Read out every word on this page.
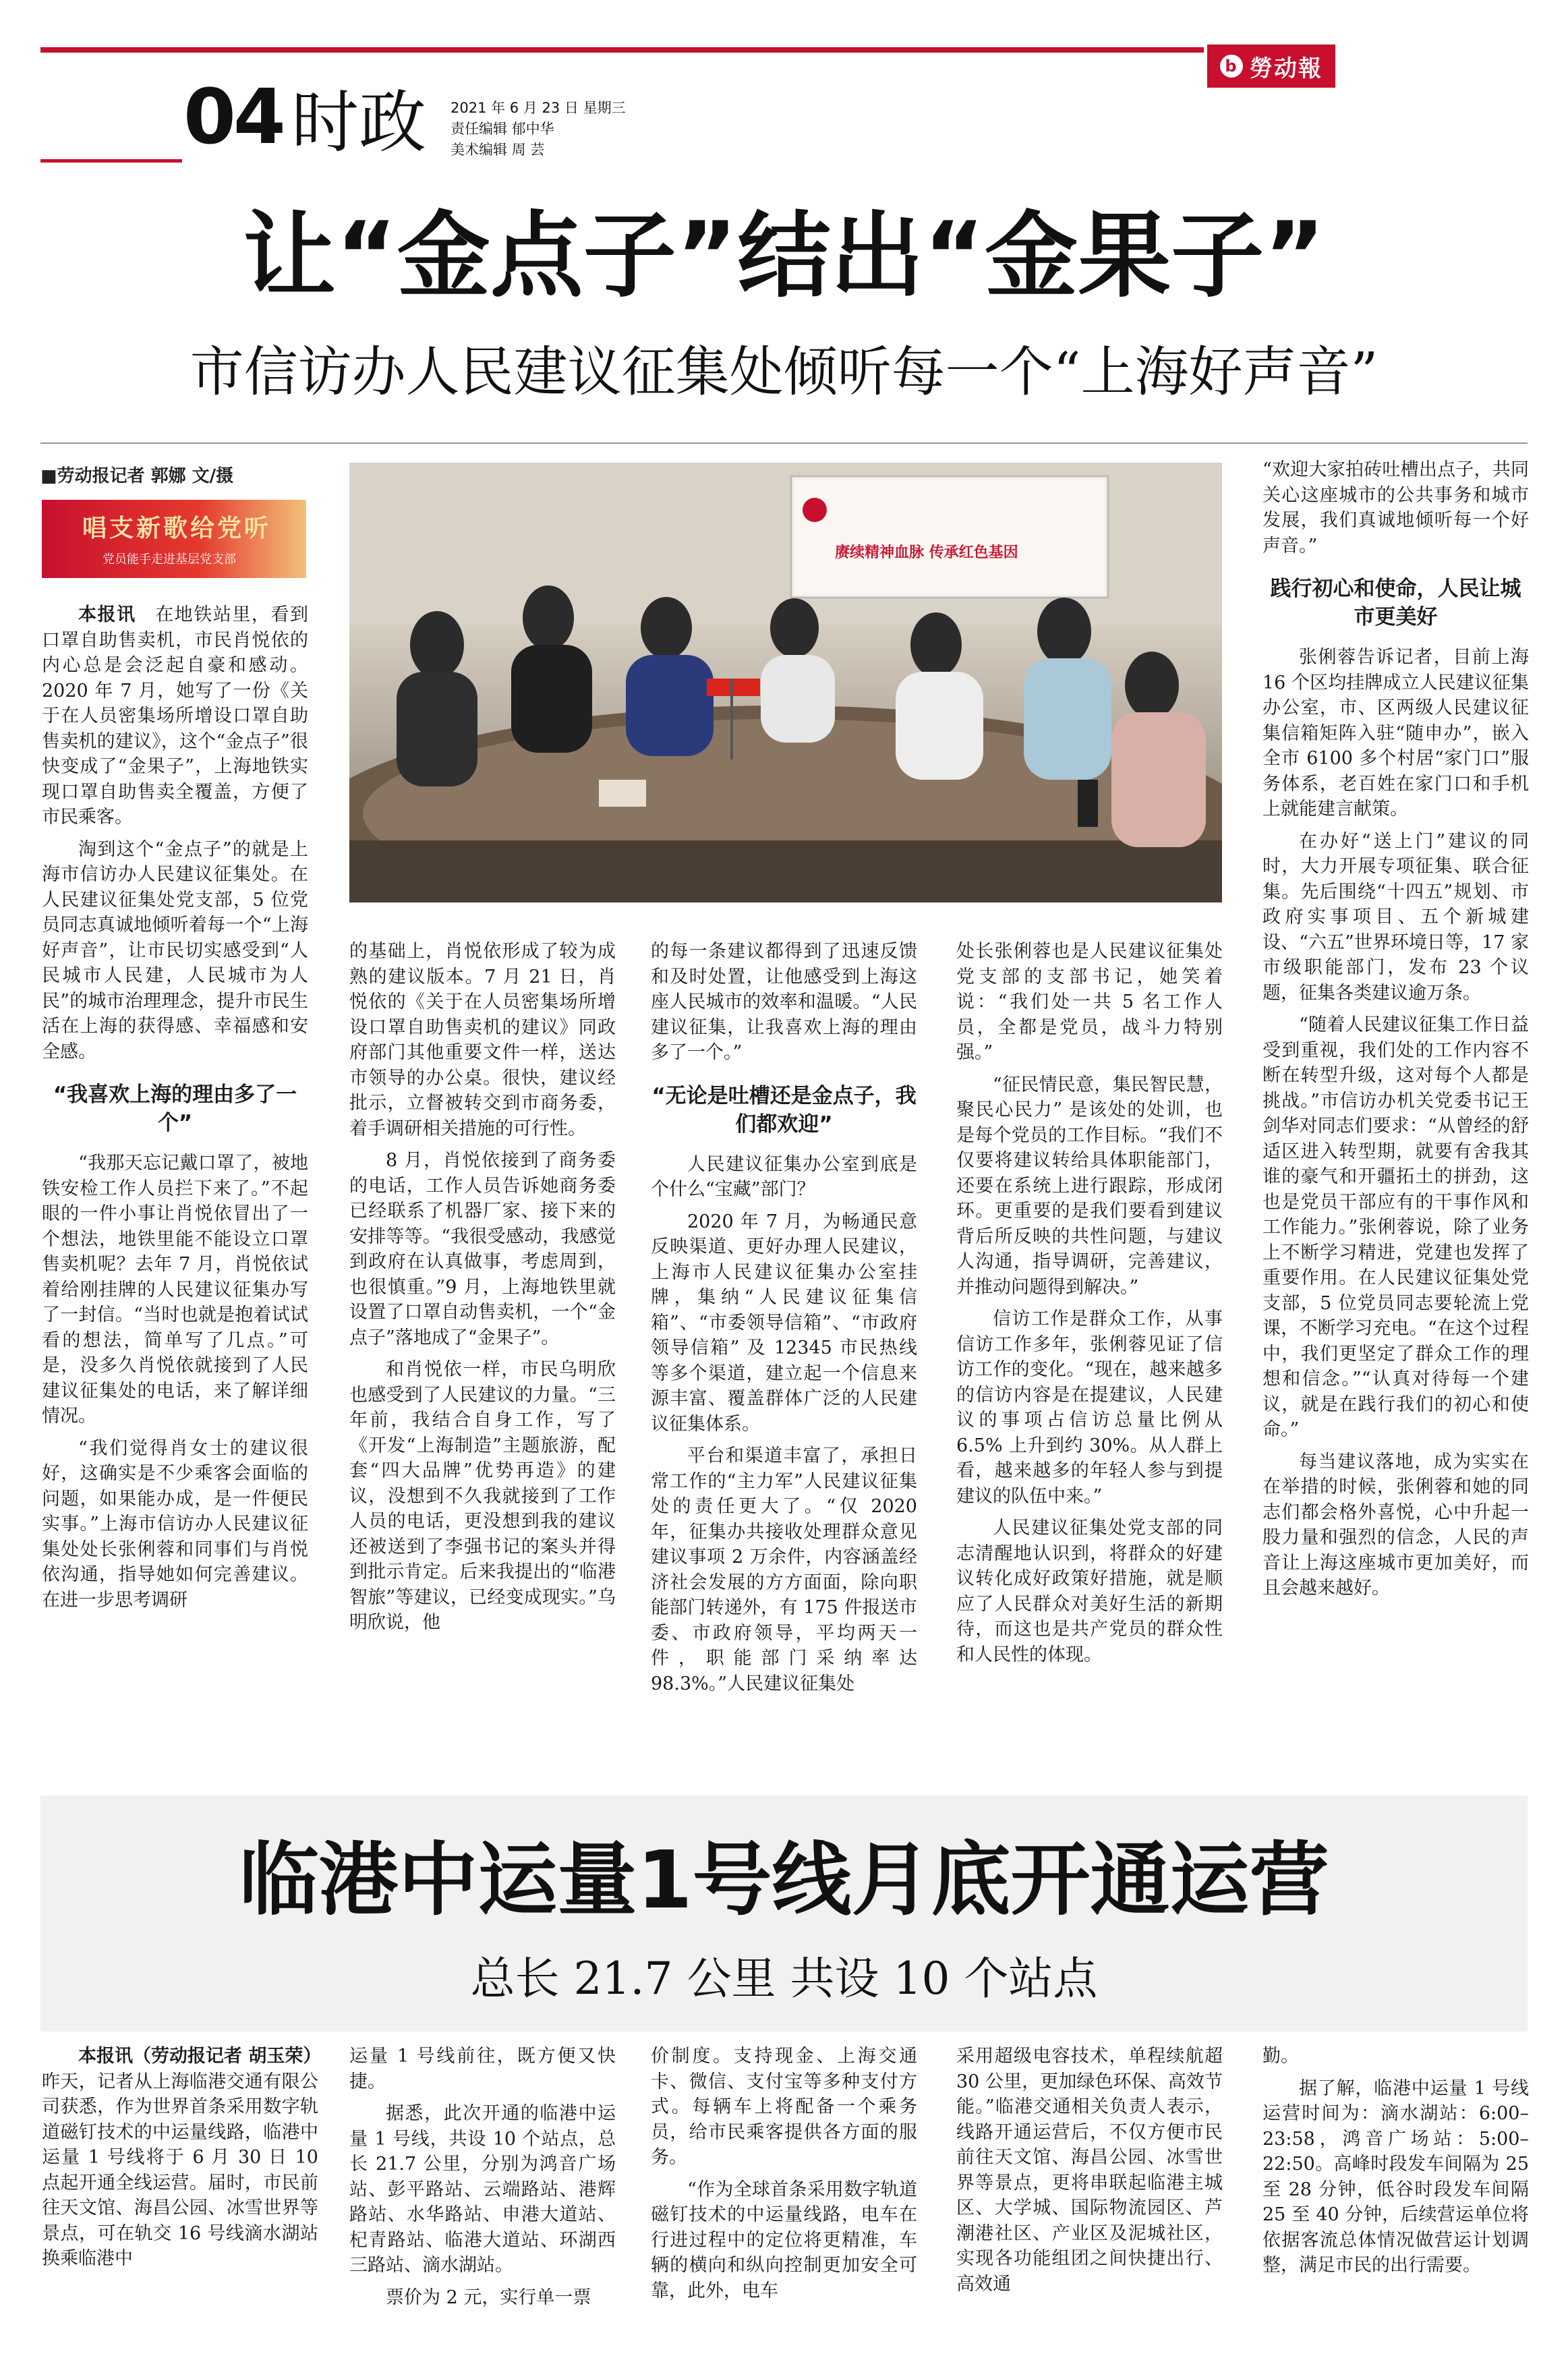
b 勞动報
04 时政 2021 年 6 月 23 日 星期三
责任编辑 郁中华
美术编辑 周 芸
让“金点子”结出“金果子”
市信访办人民建议征集处倾听每一个“上海好声音”
■劳动报记者 郭娜 文/摄
唱支新歌给党听
党员能手走进基层党支部	赓续精神血脉 传承红色基因

本报讯　 在地铁站里，看到口罩自助售卖机，市民肖悦依的内心总是会泛起自豪和感动。2020 年 7 月，她写了一份《关于在人员密集场所增设口罩自助售卖机的建议》，这个“金点子”很快变成了“金果子”，上海地铁实现口罩自助售卖全覆盖，方便了市民乘客。

淘到这个“金点子”的就是上海市信访办人民建议征集处。在人民建议征集处党支部，5 位党员同志真诚地倾听着每一个“上海好声音”，让市民切实感受到“人民城市人民建，人民城市为人民”的城市治理理念，提升市民生活在上海的获得感、幸福感和安全感。

“我喜欢上海的理由多了一个”

“我那天忘记戴口罩了，被地铁安检工作人员拦下来了。”不起眼的一件小事让肖悦依冒出了一个想法，地铁里能不能设立口罩售卖机呢？去年 7 月，肖悦依试着给刚挂牌的人民建议征集办写了一封信。“当时也就是抱着试试看的想法，简单写了几点。”可是，没多久肖悦依就接到了人民建议征集处的电话，来了解详细情况。

“我们觉得肖女士的建议很好，这确实是不少乘客会面临的问题，如果能办成，是一件便民实事。”上海市信访办人民建议征集处处长张俐蓉和同事们与肖悦依沟通，指导她如何完善建议。在进一步思考调研

的基础上，肖悦依形成了较为成熟的建议版本。7 月 21 日，肖悦依的《关于在人员密集场所增设口罩自助售卖机的建议》同政府部门其他重要文件一样，送达市领导的办公桌。很快，建议经批示，立督被转交到市商务委，着手调研相关措施的可行性。

8 月，肖悦依接到了商务委的电话，工作人员告诉她商务委已经联系了机器厂家、接下来的安排等等。“我很受感动，我感觉到政府在认真做事，考虑周到，也很慎重。”9 月，上海地铁里就设置了口罩自动售卖机，一个“金点子”落地成了“金果子”。

和肖悦依一样，市民乌明欣也感受到了人民建议的力量。“三年前，我结合自身工作，写了《开发“上海制造”主题旅游，配套“四大品牌”优势再造》的建议，没想到不久我就接到了工作人员的电话，更没想到我的建议还被送到了李强书记的案头并得到批示肯定。后来我提出的“临港智旅”等建议，已经变成现实。”乌明欣说，他

的每一条建议都得到了迅速反馈和及时处置，让他感受到上海这座人民城市的效率和温暖。“人民建议征集，让我喜欢上海的理由多了一个。”

“无论是吐槽还是金点子，我们都欢迎”

人民建议征集办公室到底是个什么“宝藏”部门？

2020 年 7 月，为畅通民意反映渠道、更好办理人民建议，上海市人民建议征集办公室挂牌，集纳“人民建议征集信箱”、“市委领导信箱”、“市政府领导信箱” 及 12345 市民热线等多个渠道，建立起一个信息来源丰富、覆盖群体广泛的人民建议征集体系。

平台和渠道丰富了，承担日常工作的“主力军”人民建议征集处的责任更大了。“仅 2020 年，征集办共接收处理群众意见建议事项 2 万余件，内容涵盖经济社会发展的方方面面，除向职能部门转递外，有 175 件报送市委、市政府领导，平均两天一件，职能部门采纳率达 98.3%。”人民建议征集处

处长张俐蓉也是人民建议征集处党支部的支部书记，她笑着说：“我们处一共 5 名工作人员，全都是党员，战斗力特别强。”

“征民情民意，集民智民慧，聚民心民力” 是该处的处训，也是每个党员的工作目标。“我们不仅要将建议转给具体职能部门，还要在系统上进行跟踪，形成闭环。更重要的是我们要看到建议背后所反映的共性问题，与建议人沟通，指导调研，完善建议，并推动问题得到解决。”

信访工作是群众工作，从事信访工作多年，张俐蓉见证了信访工作的变化。“现在，越来越多的信访内容是在提建议，人民建议的事项占信访总量比例从 6.5% 上升到约 30%。从人群上看，越来越多的年轻人参与到提建议的队伍中来。”

人民建议征集处党支部的同志清醒地认识到，将群众的好建议转化成好政策好措施，就是顺应了人民群众对美好生活的新期待，而这也是共产党员的群众性和人民性的体现。

“欢迎大家拍砖吐槽出点子，共同关心这座城市的公共事务和城市发展，我们真诚地倾听每一个好声音。”

践行初心和使命，人民让城市更美好

张俐蓉告诉记者，目前上海 16 个区均挂牌成立人民建议征集办公室，市、区两级人民建议征集信箱矩阵入驻“随申办”，嵌入全市 6100 多个村居“家门口”服务体系，老百姓在家门口和手机上就能建言献策。

在办好“送上门”建议的同时，大力开展专项征集、联合征集。先后围绕“十四五”规划、市政府实事项目、五个新城建设、“六五”世界环境日等，17 家市级职能部门，发布 23 个议题，征集各类建议逾万条。

“随着人民建议征集工作日益受到重视，我们处的工作内容不断在转型升级，这对每个人都是挑战。”市信访办机关党委书记王剑华对同志们要求：“从曾经的舒适区进入转型期，就要有舍我其谁的豪气和开疆拓土的拼劲，这也是党员干部应有的干事作风和工作能力。”张俐蓉说，除了业务上不断学习精进，党建也发挥了重要作用。在人民建议征集处党支部，5 位党员同志要轮流上党课，不断学习充电。“在这个过程中，我们更坚定了群众工作的理想和信念。”“认真对待每一个建议，就是在践行我们的初心和使命。”

每当建议落地，成为实实在在举措的时候，张俐蓉和她的同志们都会格外喜悦，心中升起一股力量和强烈的信念，人民的声音让上海这座城市更加美好，而且会越来越好。

临港中运量1号线月底开通运营
总长 21.7 公里 共设 10 个站点

本报讯（劳动报记者 胡玉荣）昨天，记者从上海临港交通有限公司获悉，作为世界首条采用数字轨道磁钉技术的中运量线路，临港中运量 1 号线将于 6 月 30 日 10 点起开通全线运营。届时，市民前往天文馆、海昌公园、冰雪世界等景点，可在轨交 16 号线滴水湖站换乘临港中

运量 1 号线前往，既方便又快捷。

据悉，此次开通的临港中运量 1 号线，共设 10 个站点，总长 21.7 公里，分别为鸿音广场站、彭平路站、云端路站、港辉路站、水华路站、申港大道站、杞青路站、临港大道站、环湖西三路站、滴水湖站。

票价为 2 元，实行单一票

价制度。支持现金、上海交通卡、微信、支付宝等多种支付方式。每辆车上将配备一个乘务员，给市民乘客提供各方面的服务。

“作为全球首条采用数字轨道磁钉技术的中运量线路，电车在行进过程中的定位将更精准，车辆的横向和纵向控制更加安全可靠，此外，电车

采用超级电容技术，单程续航超 30 公里，更加绿色环保、高效节能。”临港交通相关负责人表示，线路开通运营后，不仅方便市民前往天文馆、海昌公园、冰雪世界等景点，更将串联起临港主城区、大学城、国际物流园区、芦潮港社区、产业区及泥城社区，实现各功能组团之间快捷出行、高效通

勤。

据了解，临港中运量 1 号线运营时间为：滴水湖站：6:00–23:58，鸿音广场站：5:00–22:50。高峰时段发车间隔为 25 至 28 分钟，低谷时段发车间隔 25 至 40 分钟，后续营运单位将依据客流总体情况做营运计划调整，满足市民的出行需要。
